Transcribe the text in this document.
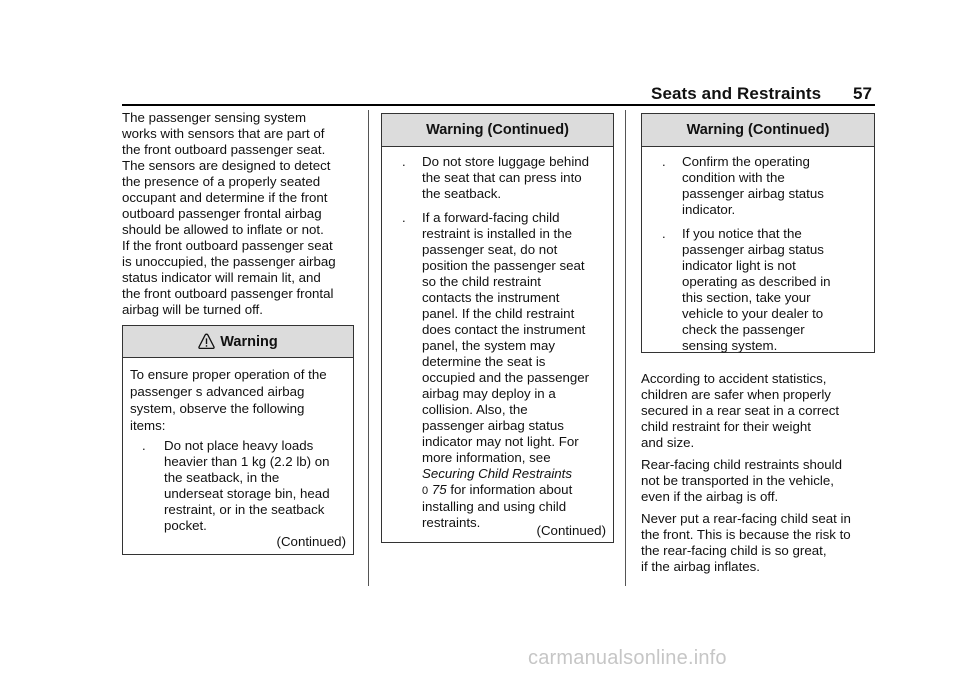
Seats and Restraints 57

The passenger sensing system
works with sensors that are part of
the front outboard passenger seat.
The sensors are designed to detect
the presence of a properly seated
occupant and determine if the front
outboard passenger frontal airbag
should be allowed to inflate or not.
If the front outboard passenger seat
is unoccupied, the passenger airbag
status indicator will remain lit, and
the front outboard passenger frontal
airbag will be turned off.

Warning
To ensure proper operation of the
passenger s advanced airbag
system, observe the following
items:
. Do not place heavy loads
heavier than 1 kg (2.2 lb) on
the seatback, in the
underseat storage bin, head
restraint, or in the seatback
pocket.
(Continued)
Warning (Continued)
. Do not store luggage behind
the seat that can press into
the seatback.
. If a forward-facing child
restraint is installed in the
passenger seat, do not
position the passenger seat
so the child restraint
contacts the instrument
panel. If the child restraint
does contact the instrument
panel, the system may
determine the seat is
occupied and the passenger
airbag may deploy in a
collision. Also, the
passenger airbag status
indicator may not light. For
more information, see
Securing Child Restraints
0 75 for information about
installing and using child
restraints.
(Continued)
Warning (Continued)
. Confirm the operating
condition with the
passenger airbag status
indicator.
. If you notice that the
passenger airbag status
indicator light is not
operating as described in
this section, take your
vehicle to your dealer to
check the passenger
sensing system.

According to accident statistics,
children are safer when properly
secured in a rear seat in a correct
child restraint for their weight
and size.

Rear-facing child restraints should
not be transported in the vehicle,
even if the airbag is off.

Never put a rear-facing child seat in
the front. This is because the risk to
the rear-facing child is so great,
if the airbag inflates.

carmanualsonline.info
